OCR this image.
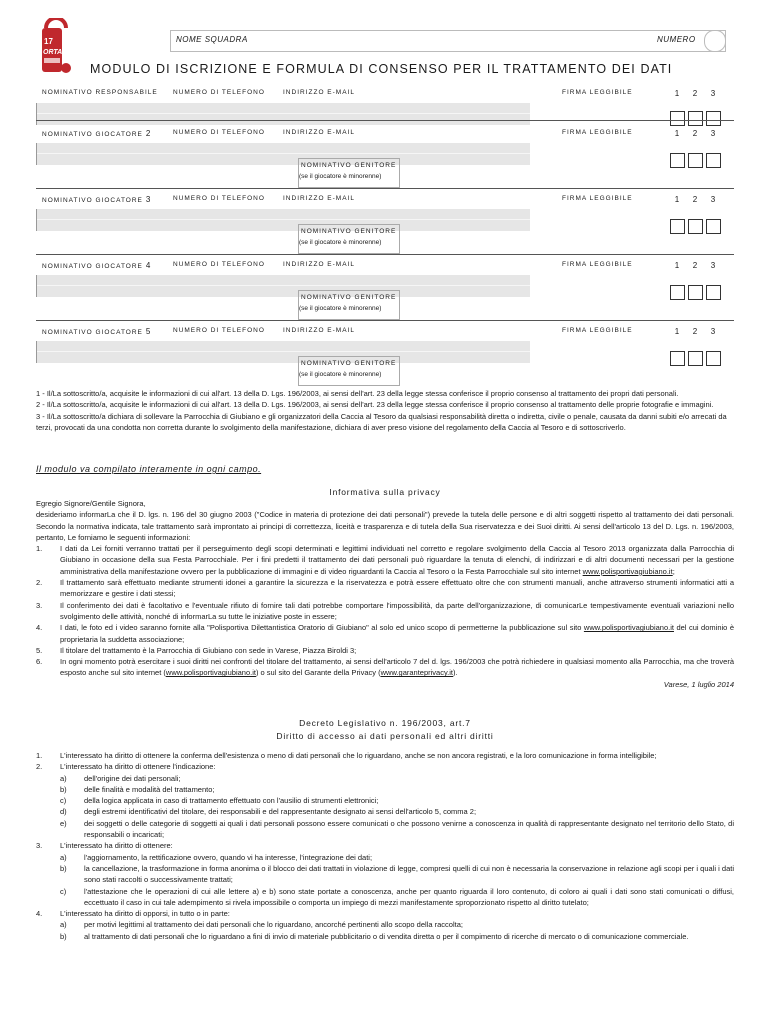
17
ORTA
NOME SQUADRA	NUMERO
MODULO DI ISCRIZIONE E FORMULA DI CONSENSO PER IL TRATTAMENTO DEI DATI
NOMINATIVO RESPONSABILE NUMERO DI TELEFONO	INDIRIZZO E-MAIL	FIRMA LEGGIBILE	1 2 3
NOMINATIVO GIOCATORE 2	NUMERO DI TELEFONO	INDIRIZZO E-MAIL	FIRMA LEGGIBILE	1 2 3
NOMINATIVO GENITORE
(se il giocatore è minorenne)
NOMINATIVO GIOCATORE 3	NUMERO DI TELEFONO	INDIRIZZO E-MAIL	FIRMA LEGGIBILE	1 2 3
NOMINATIVO GENITORE
(se il giocatore è minorenne)
NOMINATIVO GIOCATORE 4	NUMERO DI TELEFONO	INDIRIZZO E-MAIL	FIRMA LEGGIBILE	1 2 3
NOMINATIVO GENITORE
(se il giocatore è minorenne)
NOMINATIVO GIOCATORE 5	NUMERO DI TELEFONO	INDIRIZZO E-MAIL	FIRMA LEGGIBILE	1 2 3
NOMINATIVO GENITORE
(se il giocatore è minorenne)

1 - Il/La sottoscritto/a, acquisite le informazioni di cui all'art. 13 della D. Lgs. 196/2003, ai sensi dell'art. 23 della legge stessa conferisce il proprio consenso al trattamento dei propri dati personali.

2 - Il/La sottoscritto/a, acquisite le informazioni di cui all'art. 13 della D. Lgs. 196/2003, ai sensi dell'art. 23 della legge stessa conferisce il proprio consenso al trattamento delle proprie fotografie e immagini.

3 - Il/La sottoscritto/a dichiara di sollevare la Parrocchia di Giubiano e gli organizzatori della Caccia al Tesoro da qualsiasi responsabilità diretta o indiretta, civile o penale, causata da danni subiti e/o arrecati da terzi, provocati da una condotta non corretta durante lo svolgimento della manifestazione, dichiara di aver preso visione del regolamento della Caccia al Tesoro e di sottoscriverlo.

Il modulo va compilato interamente in ogni campo.
Informativa sulla privacy
Egregio Signore/Gentile Signora,
desideriamo informarLa che il D. lgs. n. 196 del 30 giugno 2003 ("Codice in materia di protezione dei dati personali") prevede la tutela delle persone e di altri soggetti rispetto al trattamento dei dati personali. Secondo la normativa indicata, tale trattamento sarà improntato ai principi di correttezza, liceità e trasparenza e di tutela della Sua riservatezza e dei Suoi diritti. Ai sensi dell'articolo 13 del D. Lgs. n. 196/2003, pertanto, Le forniamo le seguenti informazioni:
1. I dati da Lei forniti verranno trattati per il perseguimento degli scopi determinati e legittimi individuati nel corretto e regolare svolgimento della Caccia al Tesoro 2013 organizzata dalla Parrocchia di Giubiano in occasione della sua Festa Parrocchiale. Per i fini predetti il trattamento dei dati personali può riguardare la tenuta di elenchi, di indirizzari e di altri documenti necessari per la gestione amministrativa della manifestazione ovvero per la pubblicazione di immagini e di video riguardanti la Caccia al Tesoro o la Festa Parrocchiale sul sito internet www.polisportivagiubiano.it;
2. Il trattamento sarà effettuato mediante strumenti idonei a garantire la sicurezza e la riservatezza e potrà essere effettuato oltre che con strumenti manuali, anche attraverso strumenti informatici atti a memorizzare e gestire i dati stessi;
3. Il conferimento dei dati è facoltativo e l'eventuale rifiuto di fornire tali dati potrebbe comportare l'impossibilità, da parte dell'organizzazione, di comunicarLe tempestivamente eventuali variazioni nello svolgimento delle attività, nonché di informarLa su tutte le iniziative poste in essere;
4. I dati, le foto ed i video saranno fornite alla "Polisportiva Dilettantistica Oratorio di Giubiano" al solo ed unico scopo di permetterne la pubblicazione sul sito www.polisportivagiubiano.it del cui dominio è proprietaria la suddetta associazione;
5. Il titolare del trattamento è la Parrocchia di Giubiano con sede in Varese, Piazza Biroldi 3;
6. In ogni momento potrà esercitare i suoi diritti nei confronti del titolare del trattamento, ai sensi dell'articolo 7 del d. lgs. 196/2003 che potrà richiedere in qualsiasi momento alla Parrocchia, ma che troverà esposto anche sul sito internet (www.polisportivagiubiano.it) o sul sito del Garante della Privacy (www.garanteprivacy.it).
Varese, 1 luglio 2014
Decreto Legislativo n. 196/2003, art.7
Diritto di accesso ai dati personali ed altri diritti
1. L'interessato ha diritto di ottenere la conferma dell'esistenza o meno di dati personali che lo riguardano, anche se non ancora registrati, e la loro comunicazione in forma intelligibile;
2. L'interessato ha diritto di ottenere l'indicazione:
a) dell'origine dei dati personali;
b) delle finalità e modalità del trattamento;
c) della logica applicata in caso di trattamento effettuato con l'ausilio di strumenti elettronici;
d) degli estremi identificativi del titolare, dei responsabili e del rappresentante designato ai sensi dell'articolo 5, comma 2;
e) dei soggetti o delle categorie di soggetti ai quali i dati personali possono essere comunicati o che possono venirne a conoscenza in qualità di rappresentante designato nel territorio dello Stato, di responsabili o incaricati;
3. L'interessato ha diritto di ottenere:
a) l'aggiornamento, la rettificazione ovvero, quando vi ha interesse, l'integrazione dei dati;
b) la cancellazione, la trasformazione in forma anonima o il blocco dei dati trattati in violazione di legge, compresi quelli di cui non è necessaria la conservazione in relazione agli scopi per i quali i dati sono stati raccolti o successivamente trattati;
c) l'attestazione che le operazioni di cui alle lettere a) e b) sono state portate a conoscenza, anche per quanto riguarda il loro contenuto, di coloro ai quali i dati sono stati comunicati o diffusi, eccettuato il caso in cui tale adempimento si rivela impossibile o comporta un impiego di mezzi manifestamente sproporzionato rispetto al diritto tutelato;
4. L'interessato ha diritto di opporsi, in tutto o in parte:
a) per motivi legittimi al trattamento dei dati personali che lo riguardano, ancorché pertinenti allo scopo della raccolta;
b) al trattamento di dati personali che lo riguardano a fini di invio di materiale pubblicitario o di vendita diretta o per il compimento di ricerche di mercato o di comunicazione commerciale.
